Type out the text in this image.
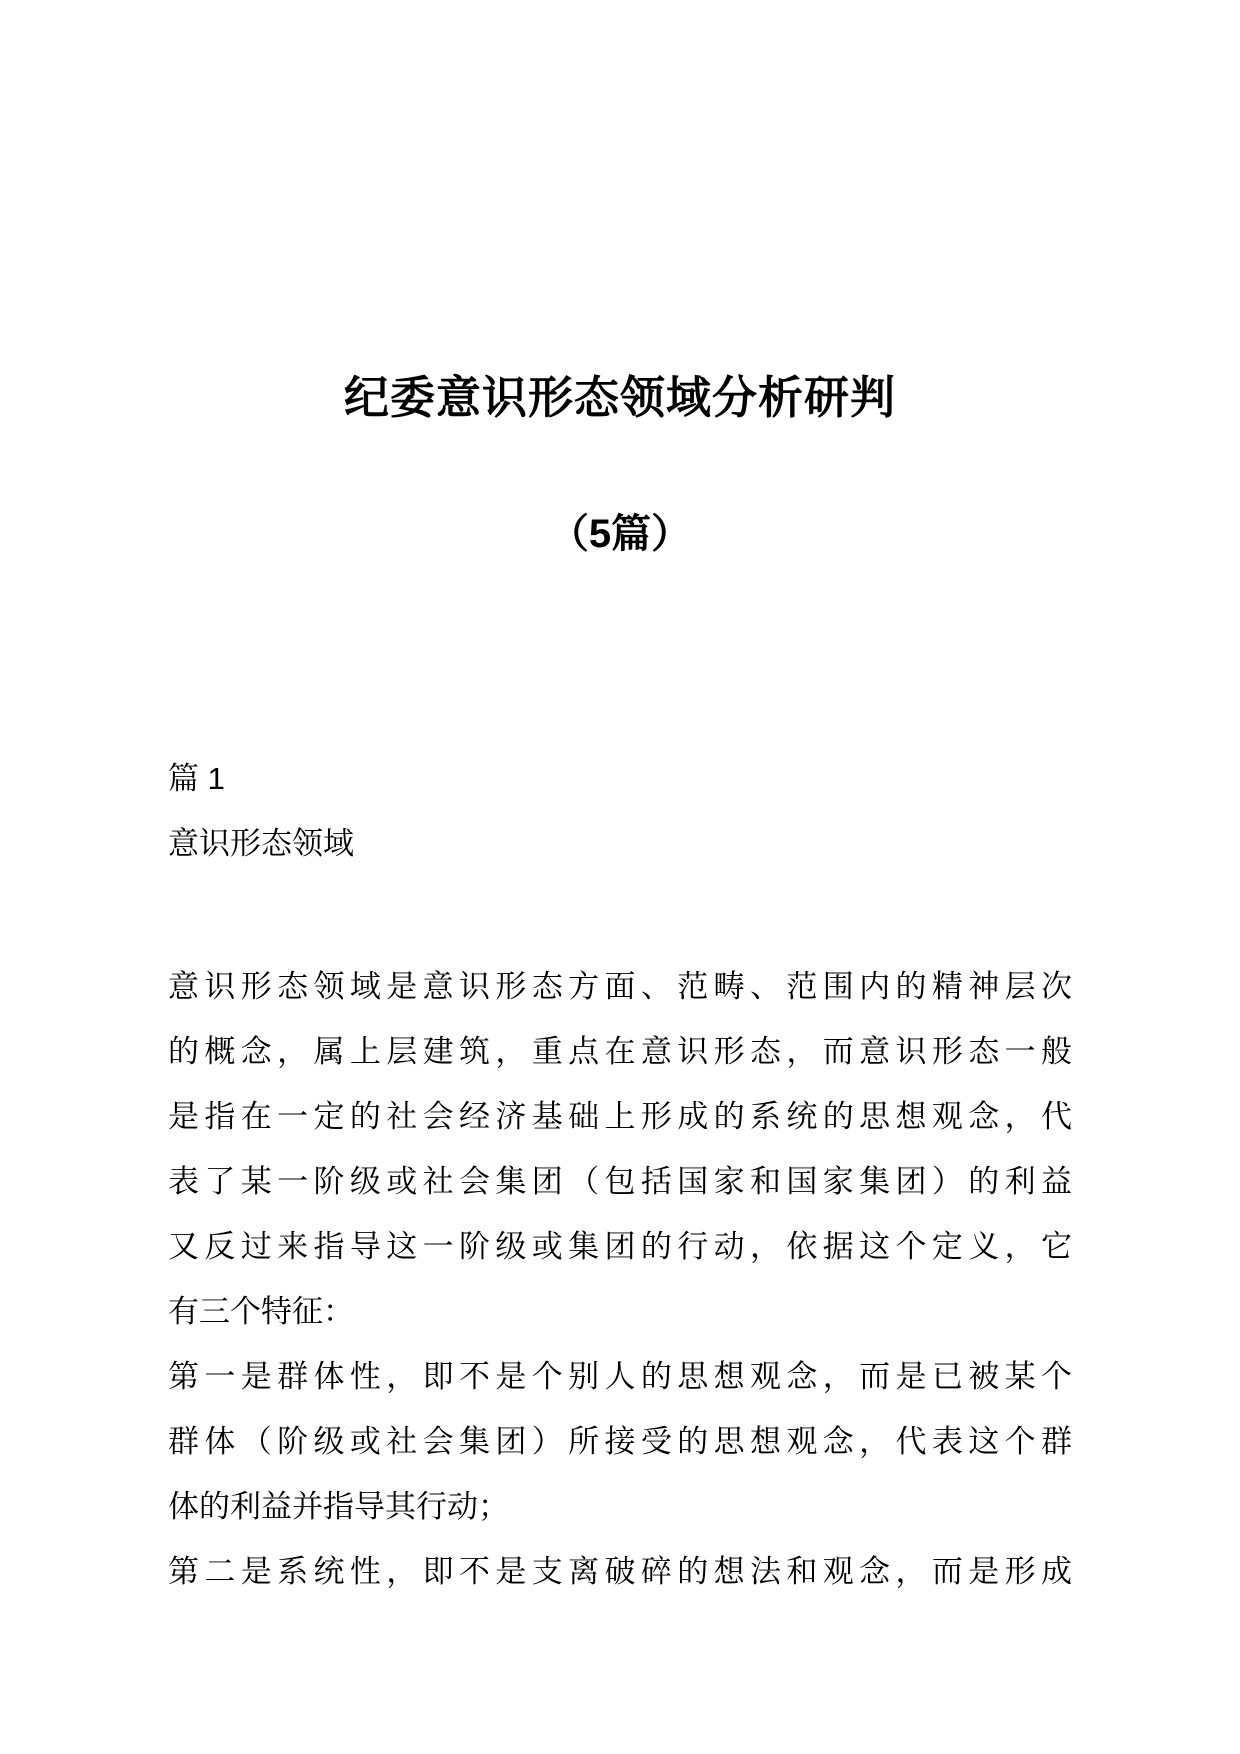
纪委意识形态领域分析研判
（5篇）
篇 1
意识形态领域
意识形态领域是意识形态方面、范畴、范围内的精神层次
的概念，属上层建筑，重点在意识形态，而意识形态一般
是指在一定的社会经济基础上形成的系统的思想观念，代
表了某一阶级或社会集团（包括国家和国家集团）的利益
又反过来指导这一阶级或集团的行动，依据这个定义，它
有三个特征：
第一是群体性，即不是个别人的思想观念，而是已被某个
群体（阶级或社会集团）所接受的思想观念，代表这个群
体的利益并指导其行动；
第二是系统性，即不是支离破碎的想法和观念，而是形成
